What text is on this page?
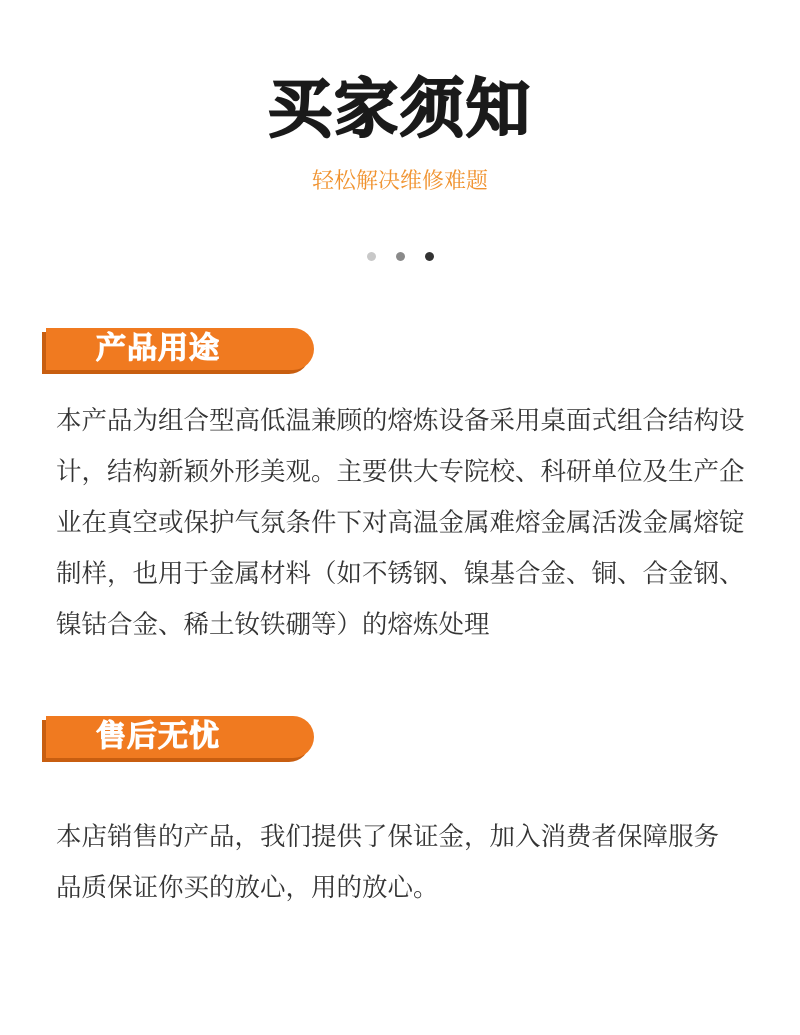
买家须知
轻松解决维修难题
产品用途
本产品为组合型高低温兼顾的熔炼设备采用桌面式组合结构设计，结构新颖外形美观。主要供大专院校、科研单位及生产企业在真空或保护气氛条件下对高温金属难熔金属活泼金属熔锭制样，也用于金属材料（如不锈钢、镍基合金、铜、合金钢、镍钴合金、稀土钕铁硼等）的熔炼处理
售后无忧
本店销售的产品，我们提供了保证金，加入消费者保障服务
品质保证你买的放心，用的放心。
